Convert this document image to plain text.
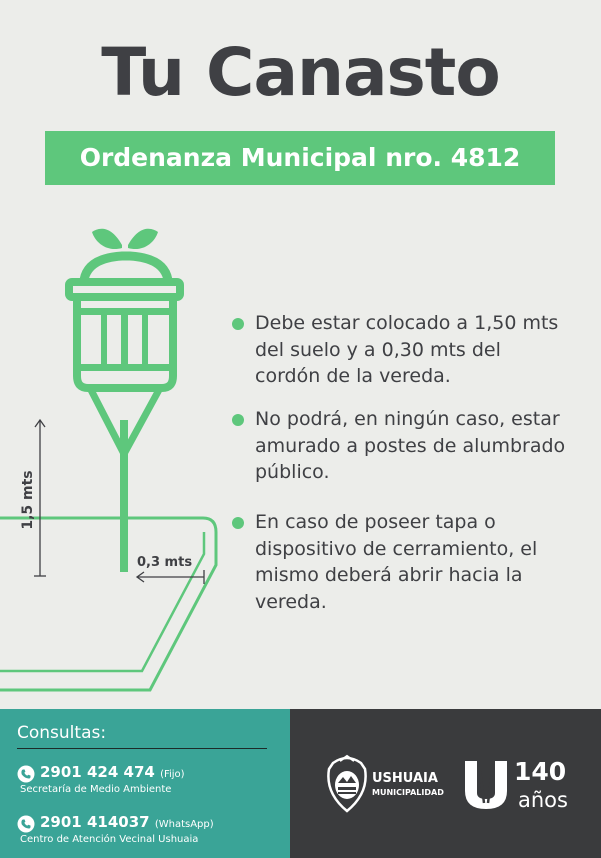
Tu Canasto
Ordenanza Municipal nro. 4812
1,5 mts
0,3 mts
Debe estar colocado a 1,50 mts del suelo y a 0,30 mts del cordón de la vereda.
No podrá, en ningún caso, estar amurado a postes de alumbrado público.
En caso de poseer tapa o dispositivo de cerramiento, el mismo deberá abrir hacia la vereda.
Consultas:
2901 424 474 (Fijo)
Secretaría de Medio Ambiente
2901 414037 (WhatsApp)
Centro de Atención Vecinal Ushuaia
USHUAIA
MUNICIPALIDAD
140
años
